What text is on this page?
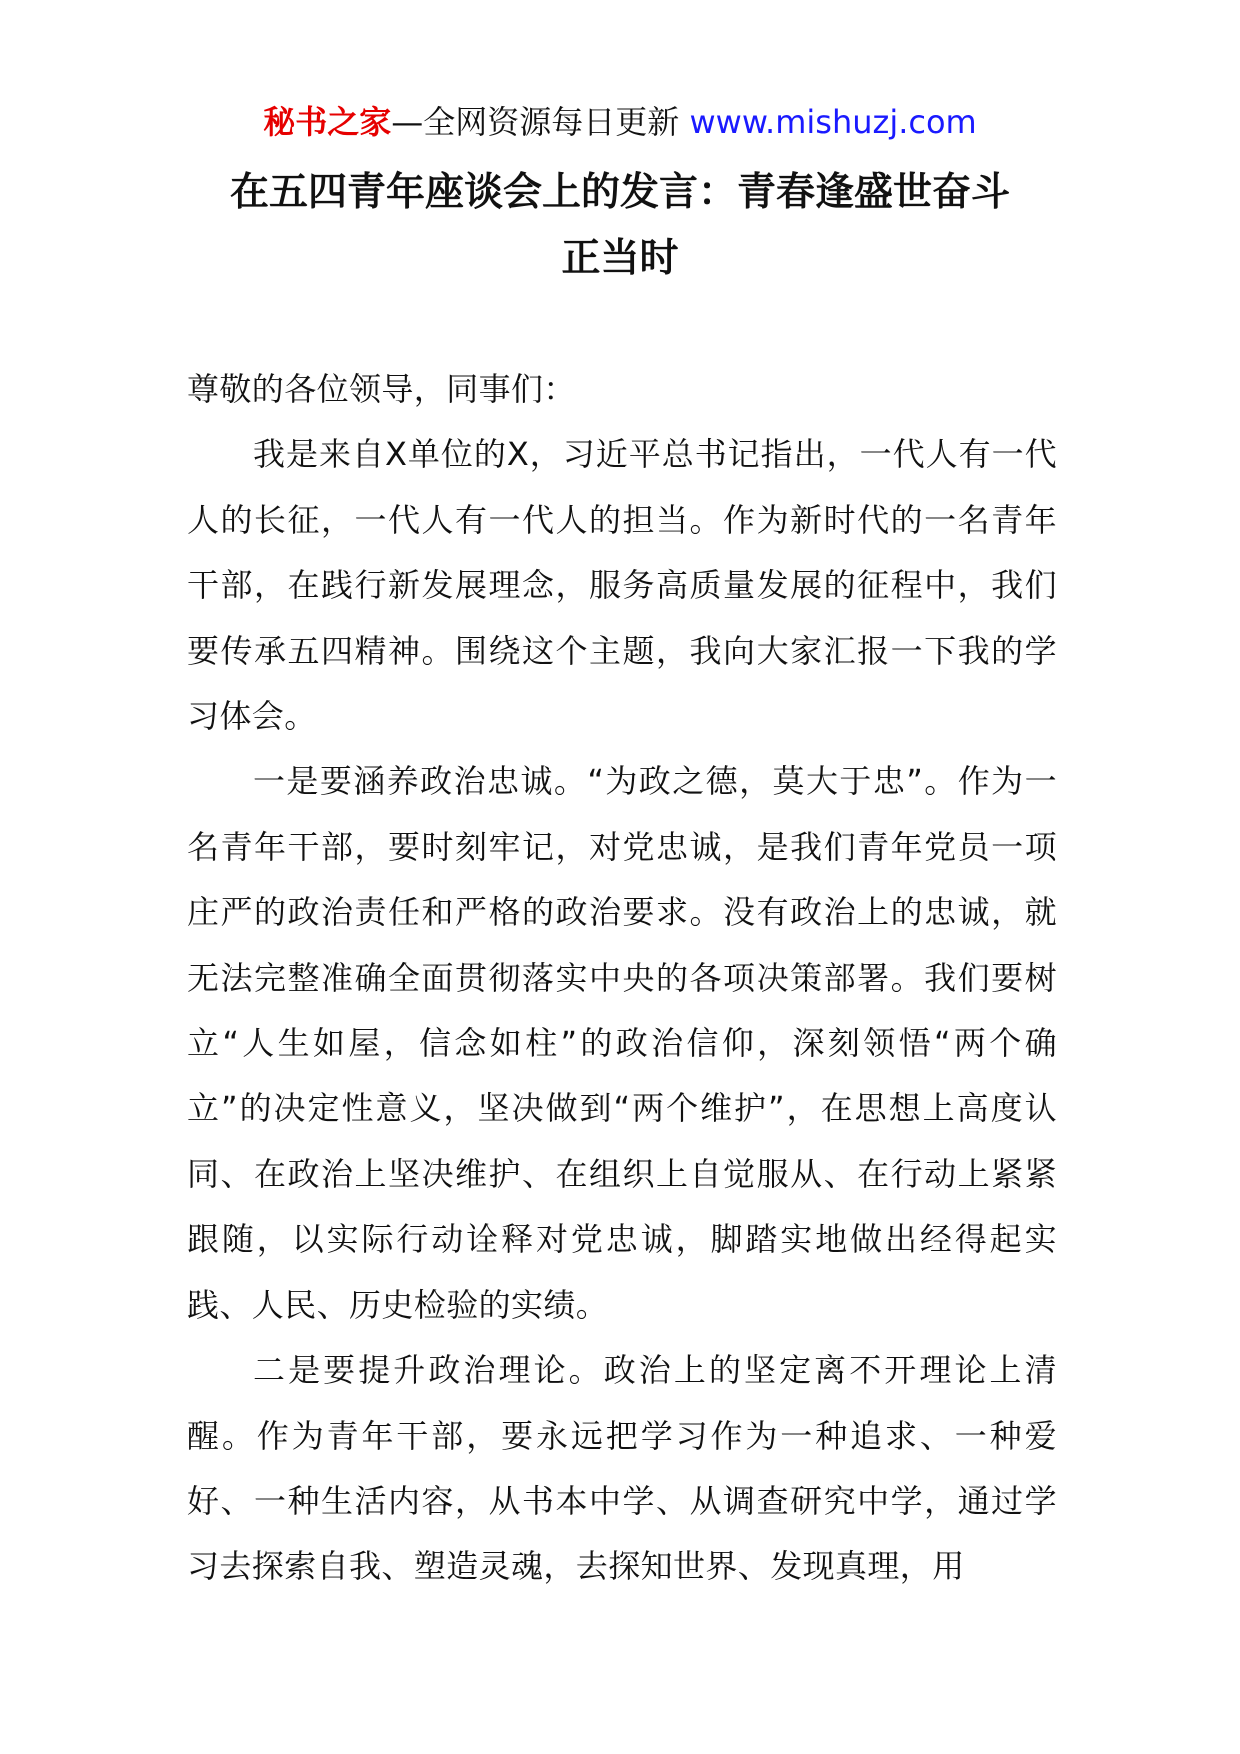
秘书之家—全网资源每日更新 www.mishuzj.com
在五四青年座谈会上的发言：青春逢盛世奋斗
正当时

尊敬的各位领导，同事们：

我是来自X单位的X，习近平总书记指出，一代人有一代人的长征，一代人有一代人的担当。作为新时代的一名青年干部，在践行新发展理念，服务高质量发展的征程中，我们要传承五四精神。围绕这个主题，我向大家汇报一下我的学习体会。

一是要涵养政治忠诚。“为政之德，莫大于忠”。作为一名青年干部，要时刻牢记，对党忠诚，是我们青年党员一项庄严的政治责任和严格的政治要求。没有政治上的忠诚，就无法完整准确全面贯彻落实中央的各项决策部署。我们要树立“人生如屋，信念如柱”的政治信仰，深刻领悟“两个确立”的决定性意义，坚决做到“两个维护”，在思想上高度认同、在政治上坚决维护、在组织上自觉服从、在行动上紧紧跟随，以实际行动诠释对党忠诚，脚踏实地做出经得起实践、人民、历史检验的实绩。

二是要提升政治理论。政治上的坚定离不开理论上清醒。作为青年干部，要永远把学习作为一种追求、一种爱好、一种生活内容，从书本中学、从调查研究中学，通过学习去探索自我、塑造灵魂，去探知世界、发现真理，用
